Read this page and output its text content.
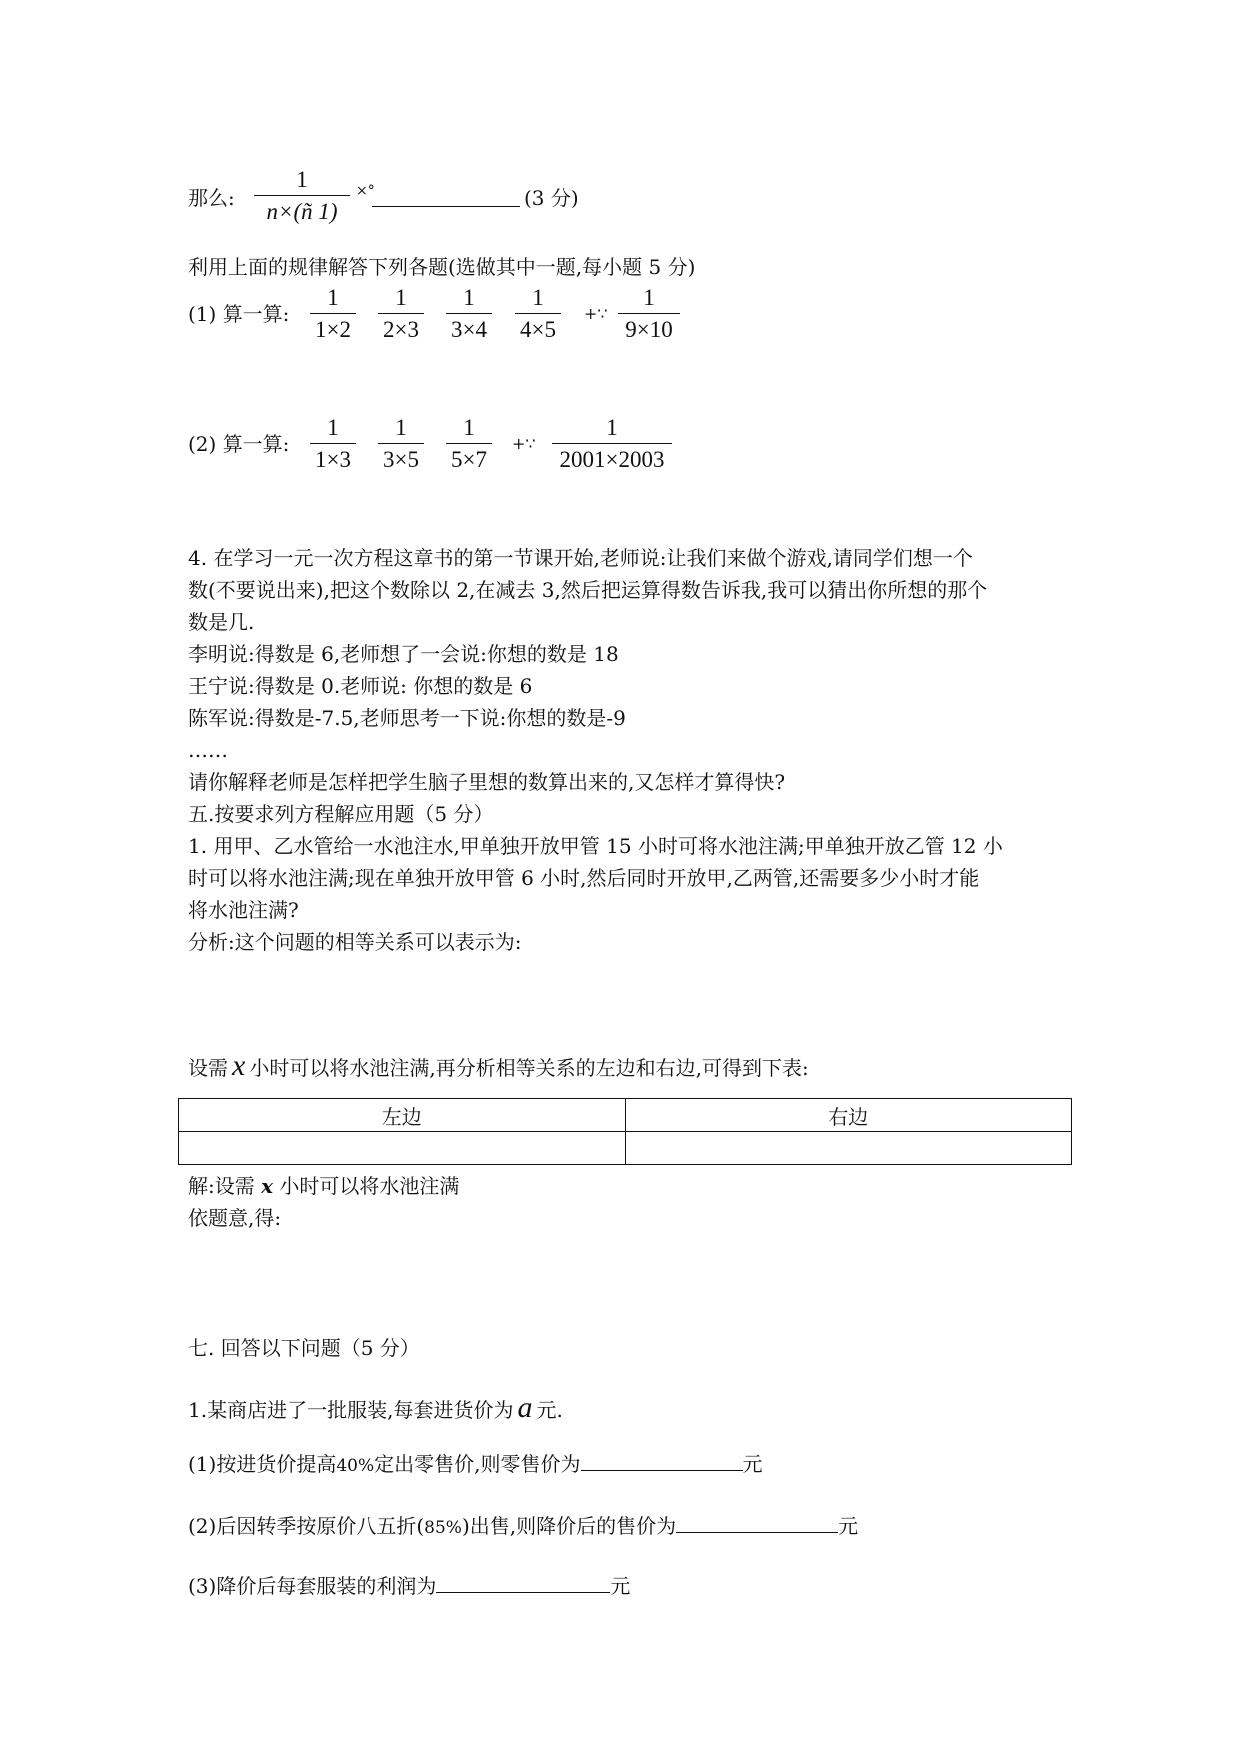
那么:
1
n×(ñ 1)
×°	(3 分)
利用上面的规律解答下列各题(选做其中一题,每小题 5 分)
(1) 算一算:
1
1×2
1
2×3
1
3×4
1
4×5
+∵
1
9×10
(2) 算一算:
1
1×3
1
3×5
1
5×7
+∵
1
2001×2003
4. 在学习一元一次方程这章书的第一节课开始,老师说:让我们来做个游戏,请同学们想一个
数(不要说出来),把这个数除以 2,在减去 3,然后把运算得数告诉我,我可以猜出你所想的那个
数是几.
李明说:得数是 6,老师想了一会说:你想的数是 18
王宁说:得数是 0.老师说: 你想的数是 6
陈军说:得数是-7.5,老师思考一下说:你想的数是-9
……
请你解释老师是怎样把学生脑子里想的数算出来的,又怎样才算得快?
五.按要求列方程解应用题（5 分）
1. 用甲、乙水管给一水池注水,甲单独开放甲管 15 小时可将水池注满;甲单独开放乙管 12 小
时可以将水池注满;现在单独开放甲管 6 小时,然后同时开放甲,乙两管,还需要多少小时才能
将水池注满?
分析:这个问题的相等关系可以表示为:
设需 x 小时可以将水池注满,再分析相等关系的左边和右边,可得到下表:
左边	右边

解:设需 x 小时可以将水池注满
依题意,得:
七. 回答以下问题（5 分）
1.某商店进了一批服装,每套进货价为 a 元.
(1)按进货价提高40%定出零售价,则零售价为	元
(2)后因转季按原价八五折(85%)出售,则降价后的售价为	元
(3)降价后每套服装的利润为	元
